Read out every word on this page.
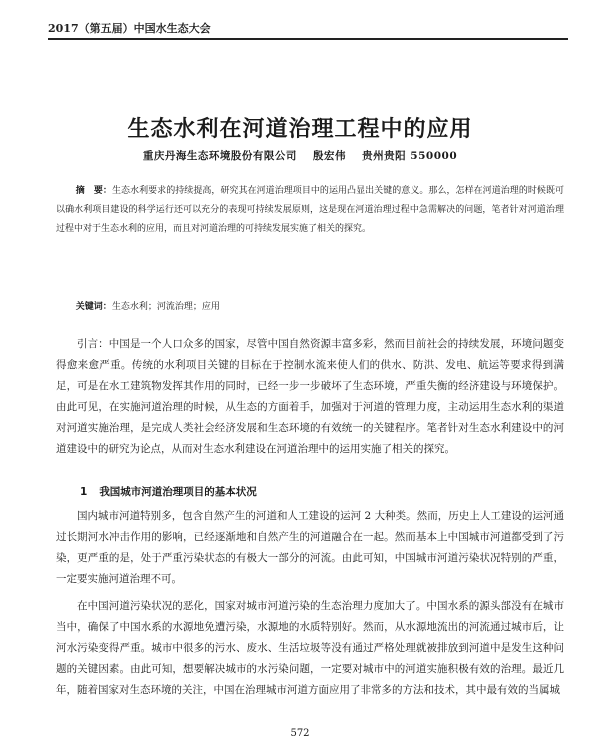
2017（第五届）中国水生态大会
生态水利在河道治理工程中的应用
重庆丹海生态环境股份有限公司 殷宏伟 贵州贵阳 550000
摘　要：生态水利要求的持续提高，研究其在河道治理项目中的运用凸显出关键的意义。那么，怎样在河道治理的时候既可以确水利项目建设的科学运行还可以充分的表现可持续发展原则，这是现在河道治理过程中急需解决的问题，笔者针对河道治理过程中对于生态水利的应用，而且对河道治理的可持续发展实施了相关的探究。
关键词：生态水利；河流治理；应用

引言：中国是一个人口众多的国家，尽管中国自然资源丰富多彩，然而目前社会的持续发展，环境问题变得愈来愈严重。传统的水利项目关键的目标在于控制水流来使人们的供水、防洪、发电、航运等要求得到满足，可是在水工建筑物发挥其作用的同时，已经一步一步破坏了生态环境，严重失衡的经济建设与环境保护。由此可见，在实施河道治理的时候，从生态的方面着手，加强对于河道的管理力度，主动运用生态水利的渠道对河道实施治理，是完成人类社会经济发展和生态环境的有效统一的关键程序。笔者针对生态水利建设中的河道建设中的研究为论点，从而对生态水利建设在河道治理中的运用实施了相关的探究。

1 我国城市河道治理项目的基本状况

国内城市河道特别多，包含自然产生的河道和人工建设的运河 2 大种类。然而，历史上人工建设的运河通过长期河水冲击作用的影响，已经逐渐地和自然产生的河道融合在一起。然而基本上中国城市河道都受到了污染，更严重的是，处于严重污染状态的有极大一部分的河流。由此可知，中国城市河道污染状况特别的严重，一定要实施河道治理不可。

在中国河道污染状况的恶化，国家对城市河道污染的生态治理力度加大了。中国水系的源头部没有在城市当中，确保了中国水系的水源地免遭污染，水源地的水质特别好。然而，从水源地流出的河流通过城市后，让河水污染变得严重。城市中很多的污水、废水、生活垃圾等没有通过严格处理就被排放到河道中是发生这种问题的关键因素。由此可知，想要解决城市的水污染问题，一定要对城市中的河道实施积极有效的治理。最近几年，随着国家对生态环境的关注，中国在治理城市河道方面应用了非常多的方法和技术，其中最有效的当属城

572
